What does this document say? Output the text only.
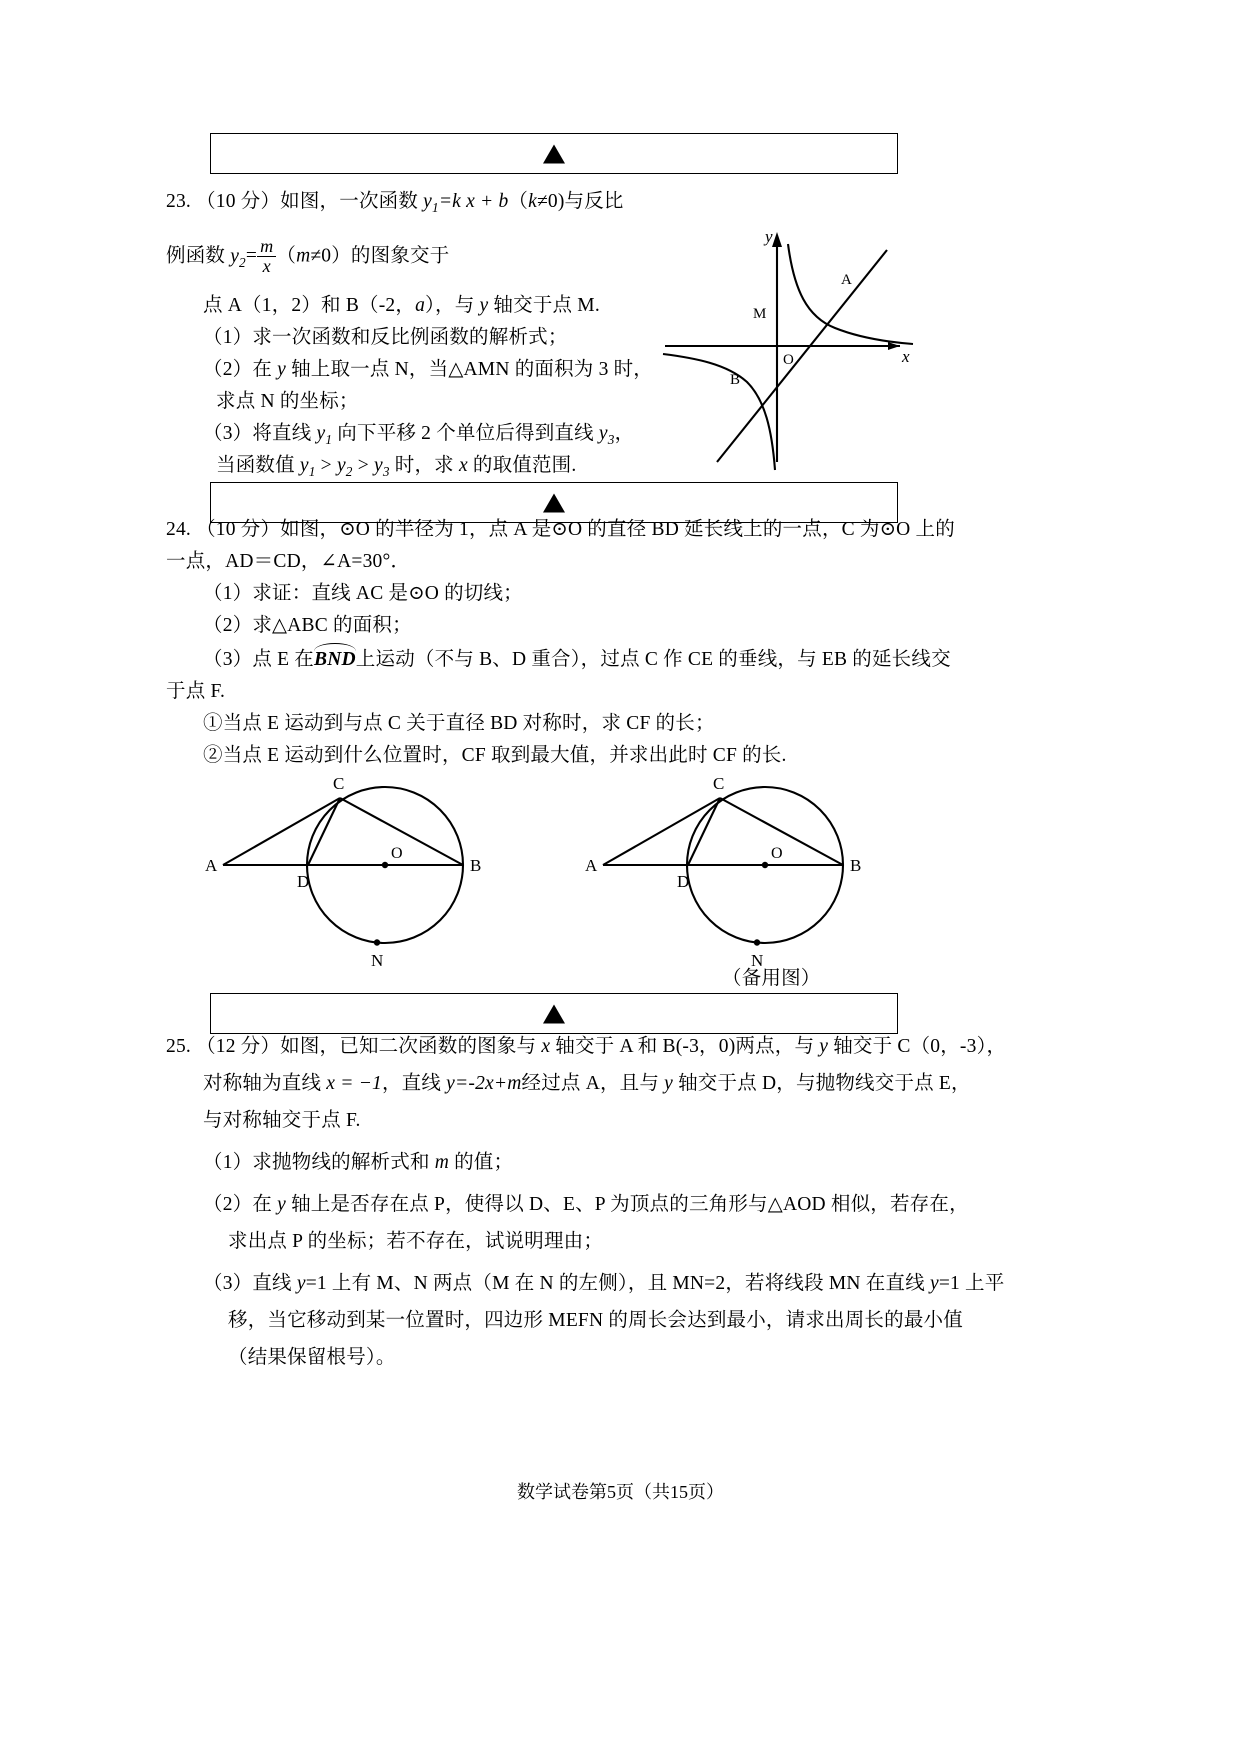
23. （10 分）如图，一次函数 $y_1=k$ x + b（k≠0)与反比
例函数 $y_2= \frac{m}{x} (m\ne 0)$的图象交于
点 A（1，2）和 B（-2，a），与 y 轴交于点 M.
（1）求一次函数和反比例函数的解析式；
（2）在 y 轴上取一点 N，当△AMN 的面积为 3 时，
求点 N 的坐标；
（3）将直线 $y_1$ 向下平移 2 个单位后得到直线 $y_3$，
当函数值 $y_1 > y_2 > y_3$ 时，求 x 的取值范围.
y
x
O
A
B
M
24. （10 分）如图，⊙O 的半径为 1，点 A 是⊙O 的直径 BD 延长线上的一点，C 为⊙O 上的
一点，AD＝CD，∠A=30°．
（1）求证：直线 AC 是⊙O 的切线；
（2）求△ABC 的面积；
（3）点 E 在BND上运动（不与 B、D 重合），过点 C 作 CE 的垂线，与 EB 的延长线交
于点 F.
①当点 E 运动到与点 C 关于直径 BD 对称时，求 CF 的长；
②当点 E 运动到什么位置时，CF 取到最大值，并求出此时 CF 的长.
A	B
C
D
O
N
A	B
C
D
O
N
（备用图）
25. （12 分）如图，已知二次函数的图象与 x 轴交于 A 和 B(-3，0)两点，与 y 轴交于 C（0，-3），
对称轴为直线 x = −1，直线 y=-2x+m经过点 A，且与 y 轴交于点 D，与抛物线交于点 E，
与对称轴交于点 F.
（1）求抛物线的解析式和 m 的值；
（2）在 y 轴上是否存在点 P，使得以 D、E、P 为顶点的三角形与△AOD 相似，若存在，
求出点 P 的坐标；若不存在，试说明理由；
（3）直线 y=1 上有 M、N 两点（M 在 N 的左侧），且 MN=2，若将线段 MN 在直线 y=1 上平
移，当它移动到某一位置时，四边形 MEFN 的周长会达到最小，请求出周长的最小值
（结果保留根号）。
数学试卷第5页（共15页）
